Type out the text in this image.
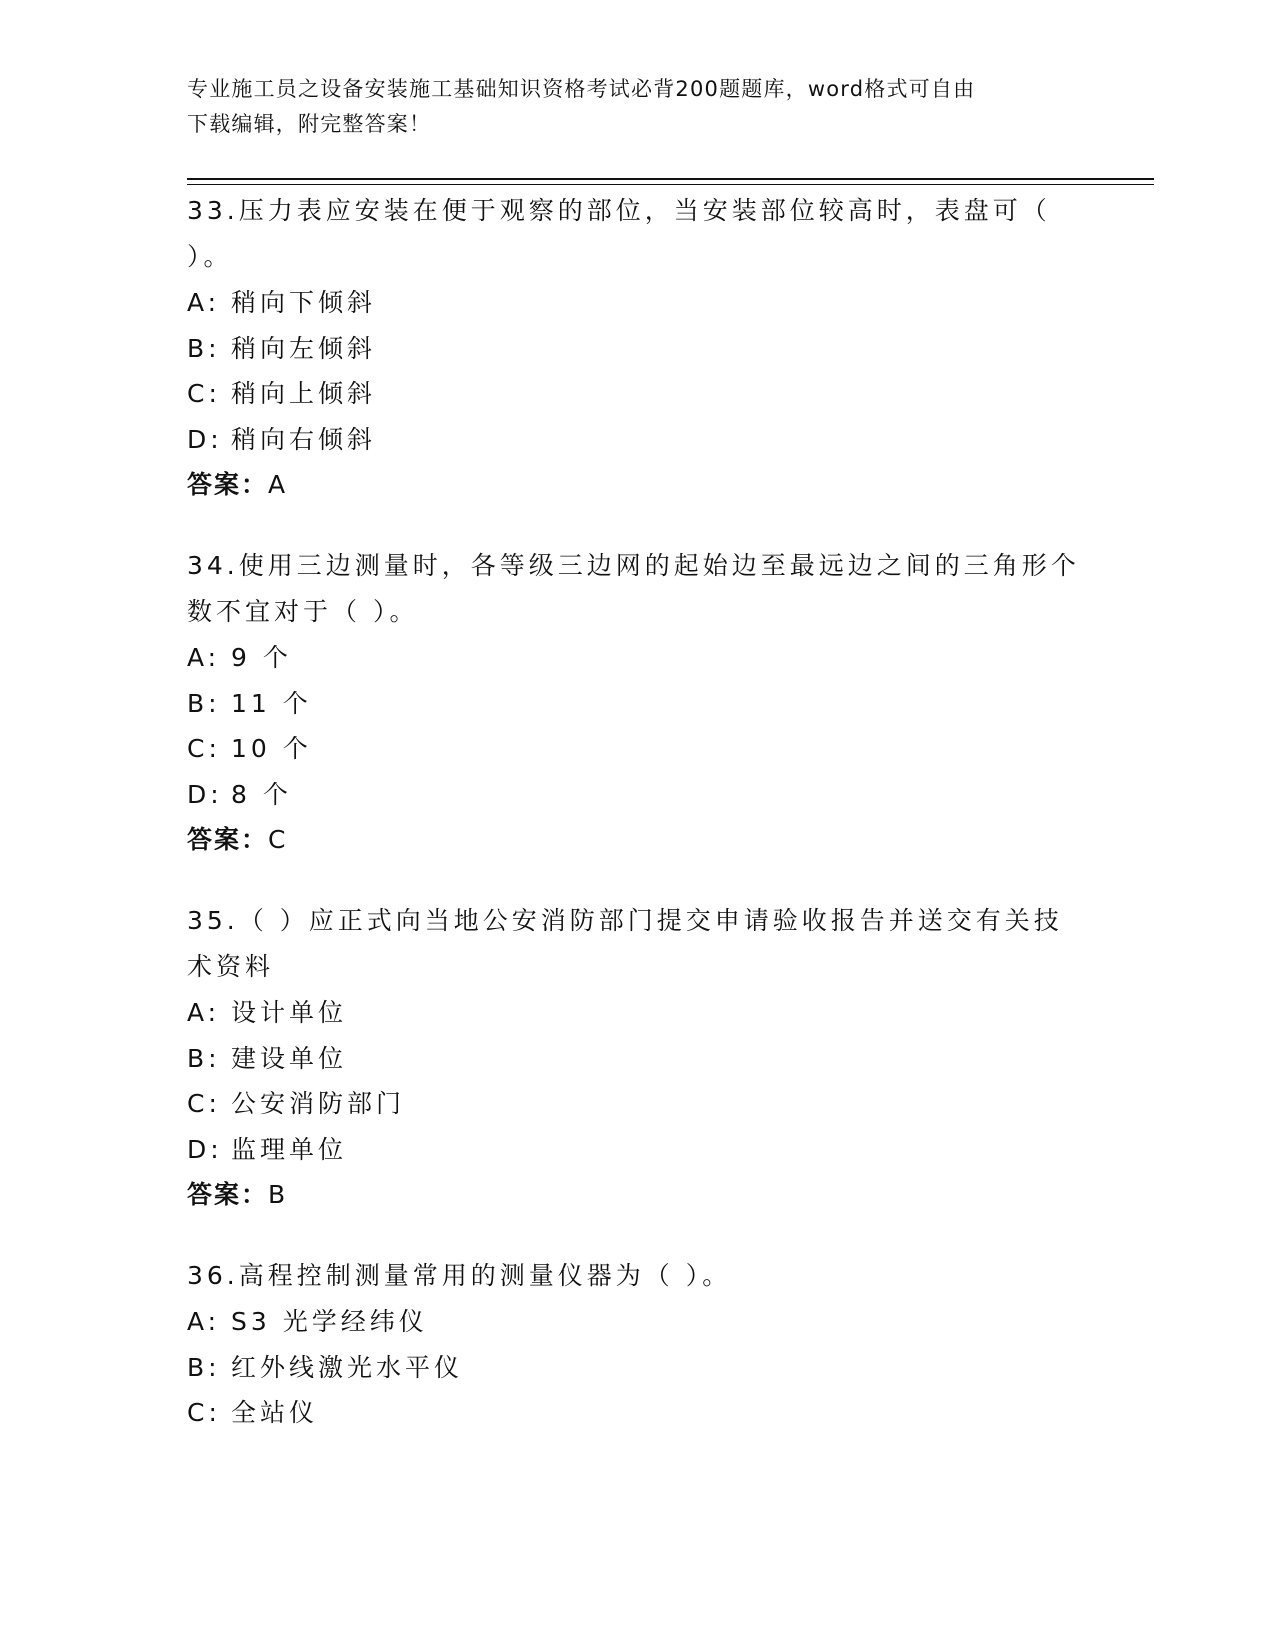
专业施工员之设备安装施工基础知识资格考试必背200题题库，word格式可自由
下载编辑，附完整答案！
33.压力表应安装在便于观察的部位，当安装部位较高时，表盘可（
）。
A: 稍向下倾斜
B: 稍向左倾斜
C: 稍向上倾斜
D: 稍向右倾斜
答案：A
34.使用三边测量时，各等级三边网的起始边至最远边之间的三角形个
数不宜对于（ ）。
A: 9 个
B: 11 个
C: 10 个
D: 8 个
答案：C
35.（ ）应正式向当地公安消防部门提交申请验收报告并送交有关技
术资料
A: 设计单位
B: 建设单位
C: 公安消防部门
D: 监理单位
答案：B
36.高程控制测量常用的测量仪器为（ ）。
A: S3 光学经纬仪
B: 红外线激光水平仪
C: 全站仪
